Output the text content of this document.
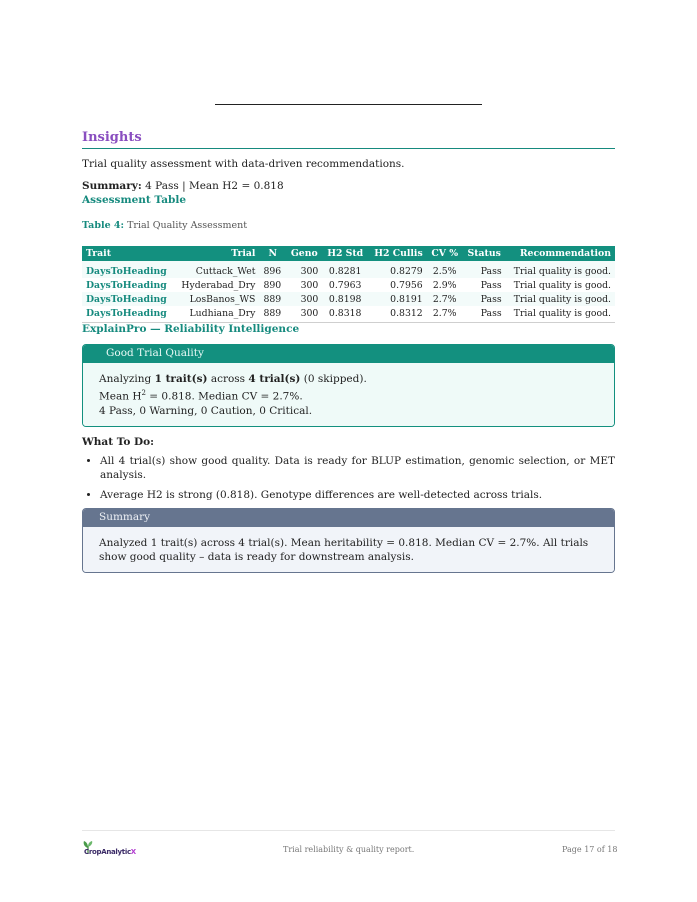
Insights

Trial quality assessment with data-driven recommendations.

Summary: 4 Pass | Mean H2 = 0.818

Assessment Table
Table 4: Trial Quality Assessment
Trait	Trial	N	Geno	H2 Std	H2 Cullis	CV %	Status	Recommendation
DaysToHeading	Cuttack_Wet	896	300	0.8281	0.8279	2.5%	Pass	Trial quality is good.
DaysToHeading	Hyderabad_Dry	890	300	0.7963	0.7956	2.9%	Pass	Trial quality is good.
DaysToHeading	LosBanos_WS	889	300	0.8198	0.8191	2.7%	Pass	Trial quality is good.
DaysToHeading	Ludhiana_Dry	889	300	0.8318	0.8312	2.7%	Pass	Trial quality is good.
ExplainPro — Reliability Intelligence
Good Trial Quality
Analyzing 1 trait(s) across 4 trial(s) (0 skipped).
Mean $H^2 = 0.818$. Median CV = 2.7%.
4 Pass, 0 Warning, 0 Caution, 0 Critical.
What To Do:
• All 4 trial(s) show good quality. Data is ready for BLUP estimation, genomic selection, or MET analysis.
• Average H2 is strong (0.818). Genotype differences are well-detected across trials.
Summary
Analyzed 1 trait(s) across 4 trial(s). Mean heritability = 0.818. Median CV = 2.7%. All trials show good quality – data is ready for downstream analysis.
CropAnalyticX	Trial reliability & quality report.	Page 17 of 18
